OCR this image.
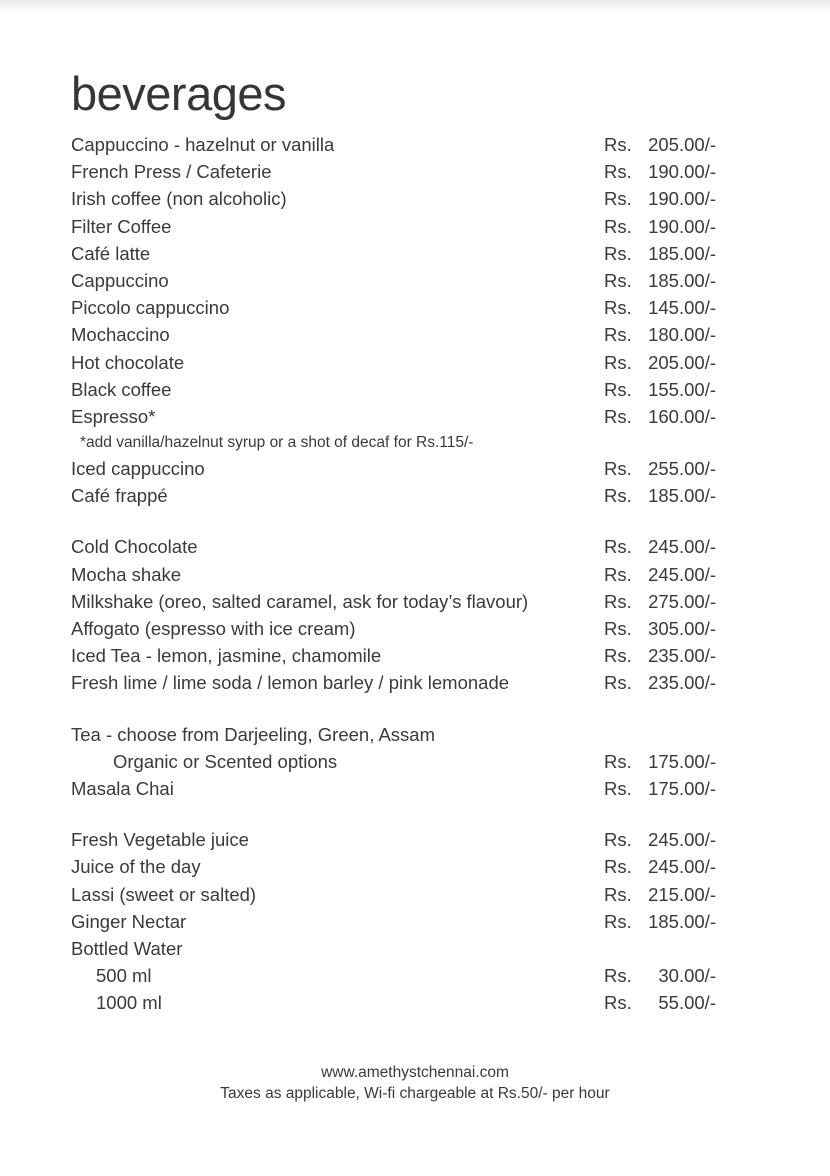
beverages
Cappuccino - hazelnut or vanilla	Rs. 205.00/-
French Press / Cafeterie	Rs. 190.00/-
Irish coffee (non alcoholic)	Rs. 190.00/-
Filter Coffee	Rs. 190.00/-
Café latte	Rs. 185.00/-
Cappuccino	Rs. 185.00/-
Piccolo cappuccino	Rs. 145.00/-
Mochaccino	Rs. 180.00/-
Hot chocolate	Rs. 205.00/-
Black coffee	Rs. 155.00/-
Espresso*	Rs. 160.00/-
*add vanilla/hazelnut syrup or a shot of decaf for Rs.115/-
Iced cappuccino	Rs. 255.00/-
Café frappé	Rs. 185.00/-
Cold Chocolate	Rs. 245.00/-
Mocha shake	Rs. 245.00/-
Milkshake (oreo, salted caramel, ask for today’s flavour)	Rs. 275.00/-
Affogato (espresso with ice cream)	Rs. 305.00/-
Iced Tea - lemon, jasmine, chamomile	Rs. 235.00/-
Fresh lime / lime soda / lemon barley / pink lemonade	Rs. 235.00/-
Tea - choose from Darjeeling, Green, Assam
Organic or Scented options	Rs. 175.00/-
Masala Chai	Rs. 175.00/-
Fresh Vegetable juice	Rs. 245.00/-
Juice of the day	Rs. 245.00/-
Lassi (sweet or salted)	Rs. 215.00/-
Ginger Nectar	Rs. 185.00/-
Bottled Water
500 ml	Rs. 30.00/-
1000 ml	Rs. 55.00/-
www.amethystchennai.com
Taxes as applicable, Wi-fi chargeable at Rs.50/- per hour
